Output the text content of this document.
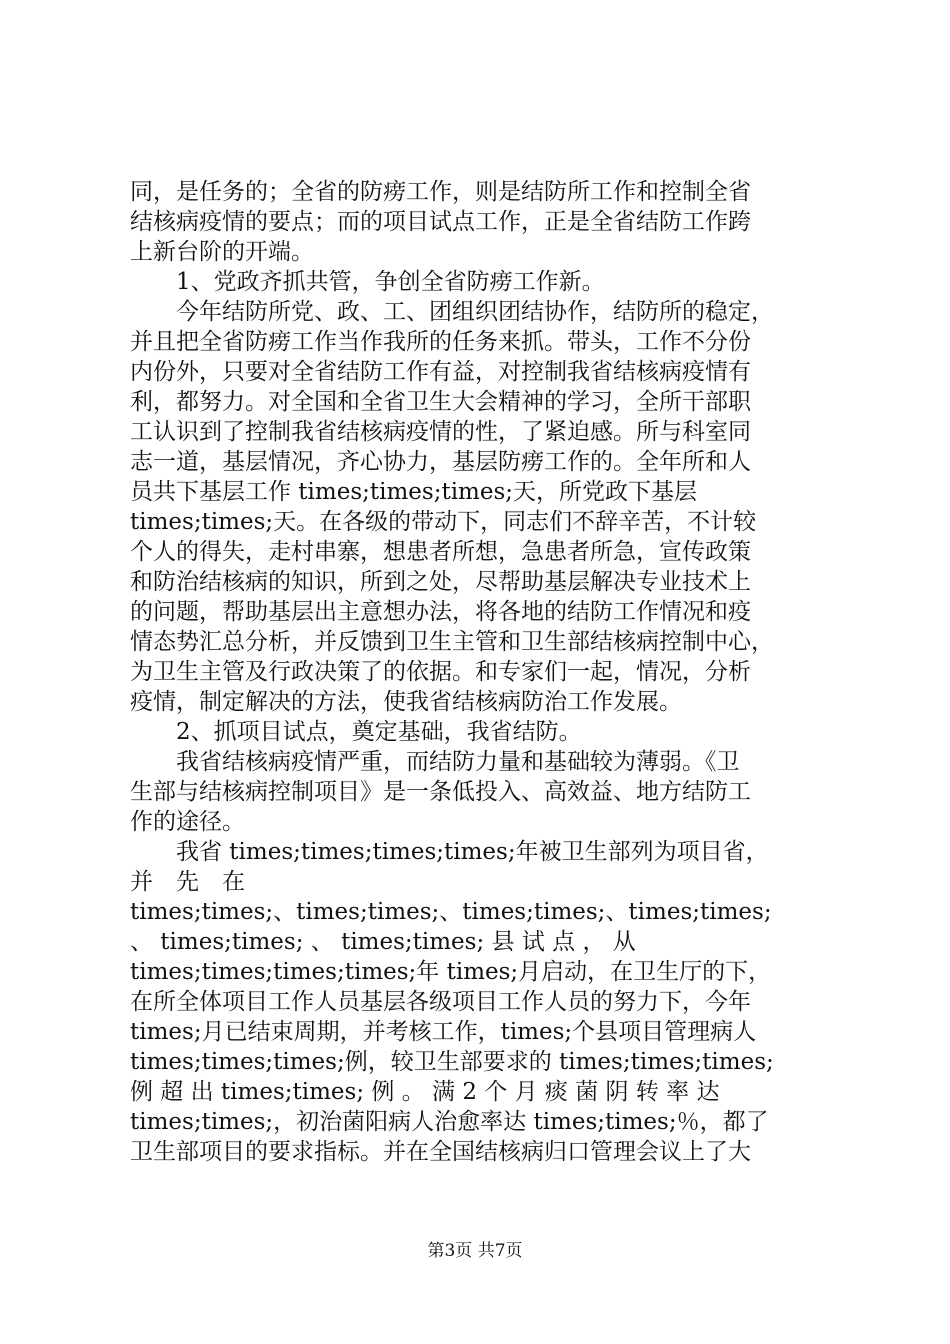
同，是任务的；全省的防痨工作，则是结防所工作和控制全省
结核病疫情的要点；而的项目试点工作，正是全省结防工作跨
上新台阶的开端。
　　1、党政齐抓共管，争创全省防痨工作新。
　　今年结防所党、政、工、团组织团结协作，结防所的稳定，
并且把全省防痨工作当作我所的任务来抓。带头，工作不分份
内份外，只要对全省结防工作有益，对控制我省结核病疫情有
利，都努力。对全国和全省卫生大会精神的学习，全所干部职
工认识到了控制我省结核病疫情的性，了紧迫感。所与科室同
志一道，基层情况，齐心协力，基层防痨工作的。全年所和人
员共下基层工作 times;times;times;天，所党政下基层
times;times;天。在各级的带动下，同志们不辞辛苦，不计较
个人的得失，走村串寨，想患者所想，急患者所急，宣传政策
和防治结核病的知识，所到之处，尽帮助基层解决专业技术上
的问题，帮助基层出主意想办法，将各地的结防工作情况和疫
情态势汇总分析，并反馈到卫生主管和卫生部结核病控制中心，
为卫生主管及行政决策了的依据。和专家们一起，情况，分析
疫情，制定解决的方法，使我省结核病防治工作发展。
　　2、抓项目试点，奠定基础，我省结防。
　　我省结核病疫情严重，而结防力量和基础较为薄弱。《卫
生部与结核病控制项目》是一条低投入、高效益、地方结防工
作的途径。
　　我省 times;times;times;times;年被卫生部列为项目省，
并　先　在
times;times;、times;times;、times;times;、times;times;
、 times;times; 、 times;times; 县 试 点 ， 从
times;times;times;times;年 times;月启动，在卫生厅的下，
在所全体项目工作人员基层各级项目工作人员的努力下，今年
times;月已结束周期，并考核工作，times;个县项目管理病人
times;times;times;例，较卫生部要求的 times;times;times;
例 超 出 times;times; 例 。 满 2 个 月 痰 菌 阴 转 率 达
times;times;，初治菌阳病人治愈率达 times;times;％，都了
卫生部项目的要求指标。并在全国结核病归口管理会议上了大
第3页 共7页
